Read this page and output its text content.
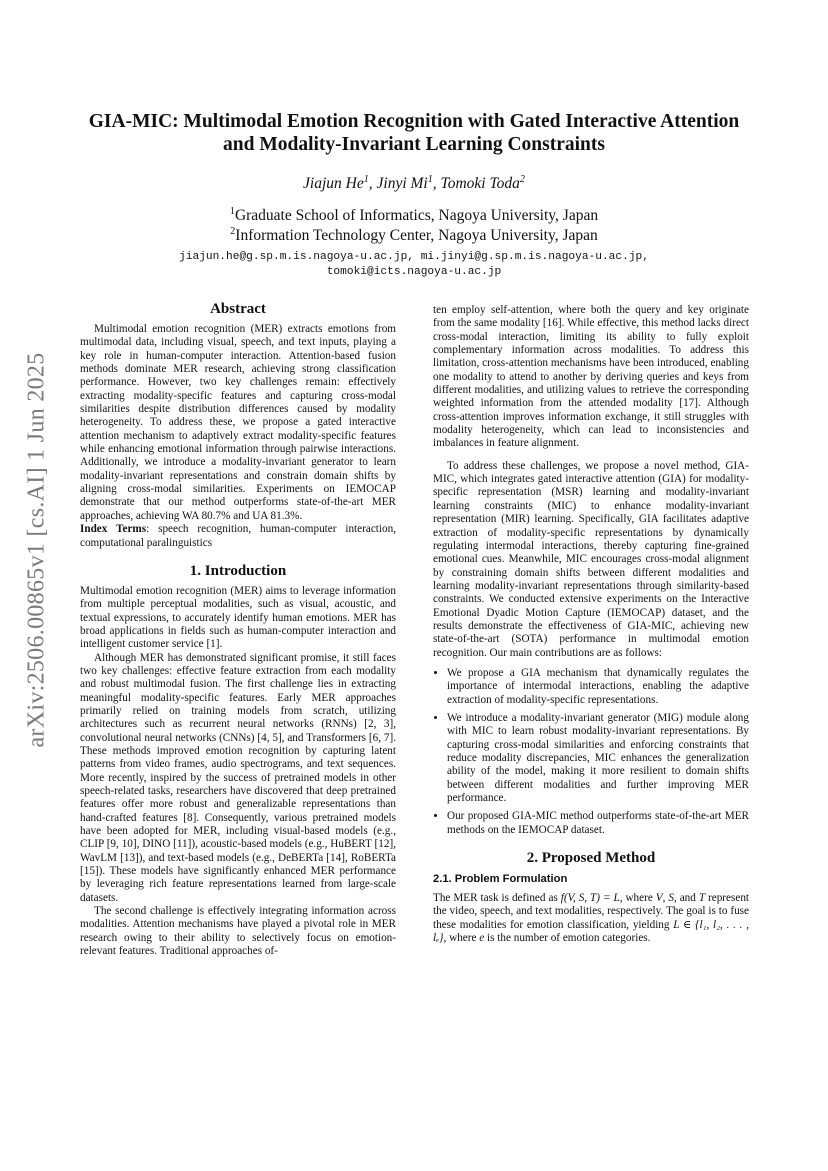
arXiv:2506.00865v1 [cs.AI] 1 Jun 2025
GIA-MIC: Multimodal Emotion Recognition with Gated Interactive Attention
and Modality-Invariant Learning Constraints
Jiajun He$^1$, Jinyi Mi$^1$, Tomoki Toda$^2$
$^1$Graduate School of Informatics, Nagoya University, Japan
$^2$Information Technology Center, Nagoya University, Japan
jiajun.he@g.sp.m.is.nagoya-u.ac.jp, mi.jinyi@g.sp.m.is.nagoya-u.ac.jp,
tomoki@icts.nagoya-u.ac.jp
Abstract

Multimodal emotion recognition (MER) extracts emotions from multimodal data, including visual, speech, and text inputs, playing a key role in human-computer interaction. Attention-based fusion methods dominate MER research, achieving strong classification performance. However, two key challenges remain: effectively extracting modality-specific features and capturing cross-modal similarities despite distribution differences caused by modality heterogeneity. To address these, we propose a gated interactive attention mechanism to adaptively extract modality-specific features while enhancing emotional information through pairwise interactions. Additionally, we introduce a modality-invariant generator to learn modality-invariant representations and constrain domain shifts by aligning cross-modal similarities. Experiments on IEMOCAP demonstrate that our method outperforms state-of-the-art MER approaches, achieving WA 80.7% and UA 81.3%.

Index Terms: speech recognition, human-computer interaction, computational paralinguistics

1. Introduction

Multimodal emotion recognition (MER) aims to leverage information from multiple perceptual modalities, such as visual, acoustic, and textual expressions, to accurately identify human emotions. MER has broad applications in fields such as human-computer interaction and intelligent customer service [1].

Although MER has demonstrated significant promise, it still faces two key challenges: effective feature extraction from each modality and robust multimodal fusion. The first challenge lies in extracting meaningful modality-specific features. Early MER approaches primarily relied on training models from scratch, utilizing architectures such as recurrent neural networks (RNNs) [2, 3], convolutional neural networks (CNNs) [4, 5], and Transformers [6, 7]. These methods improved emotion recognition by capturing latent patterns from video frames, audio spectrograms, and text sequences. More recently, inspired by the success of pretrained models in other speech-related tasks, researchers have discovered that deep pretrained features offer more robust and generalizable representations than hand-crafted features [8]. Consequently, various pretrained models have been adopted for MER, including visual-based models (e.g., CLIP [9, 10], DINO [11]), acoustic-based models (e.g., HuBERT [12], WavLM [13]), and text-based models (e.g., DeBERTa [14], RoBERTa [15]). These models have significantly enhanced MER performance by leveraging rich feature representations learned from large-scale datasets.

The second challenge is effectively integrating information across modalities. Attention mechanisms have played a pivotal role in MER research owing to their ability to selectively focus on emotion-relevant features. Traditional approaches of-

ten employ self-attention, where both the query and key originate from the same modality [16]. While effective, this method lacks direct cross-modal interaction, limiting its ability to fully exploit complementary information across modalities. To address this limitation, cross-attention mechanisms have been introduced, enabling one modality to attend to another by deriving queries and keys from different modalities, and utilizing values to retrieve the corresponding weighted information from the attended modality [17]. Although cross-attention improves information exchange, it still struggles with modality heterogeneity, which can lead to inconsistencies and imbalances in feature alignment.

To address these challenges, we propose a novel method, GIA-MIC, which integrates gated interactive attention (GIA) for modality-specific representation (MSR) learning and modality-invariant learning constraints (MIC) to enhance modality-invariant representation (MIR) learning. Specifically, GIA facilitates adaptive extraction of modality-specific representations by dynamically regulating intermodal interactions, thereby capturing fine-grained emotional cues. Meanwhile, MIC encourages cross-modal alignment by constraining domain shifts between different modalities and learning modality-invariant representations through similarity-based constraints. We conducted extensive experiments on the Interactive Emotional Dyadic Motion Capture (IEMOCAP) dataset, and the results demonstrate the effectiveness of GIA-MIC, achieving new state-of-the-art (SOTA) performance in multimodal emotion recognition. Our main contributions are as follows:

• We propose a GIA mechanism that dynamically regulates the importance of intermodal interactions, enabling the adaptive extraction of modality-specific representations.
• We introduce a modality-invariant generator (MIG) module along with MIC to learn robust modality-invariant representations. By capturing cross-modal similarities and enforcing constraints that reduce modality discrepancies, MIC enhances the generalization ability of the model, making it more resilient to domain shifts between different modalities and further improving MER performance.
• Our proposed GIA-MIC method outperforms state-of-the-art MER methods on the IEMOCAP dataset.
2. Proposed Method
2.1. Problem Formulation

The MER task is defined as f(V, S, T) = L, where V, S, and T represent the video, speech, and text modalities, respectively. The goal is to fuse these modalities for emotion classification, yielding L ∈ {l₁, l₂, . . . , lₑ}, where e is the number of emotion categories.
